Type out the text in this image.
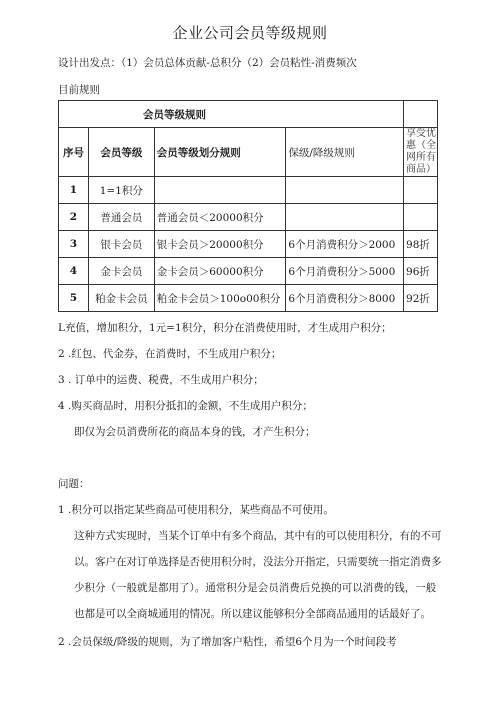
企业公司会员等级规则
设计出发点：（1）会员总体贡献-总积分（2）会员粘性-消费频次
目前规则
会员等级规则				
序号	会员等级	会员等级划分规则	保级/降级规则	享受优惠（全网所有商品）
1	1=1积分			
2	普通会员	普通会员＜20000积分		
3	银卡会员	银卡会员＞20000积分	6个月消费积分＞2000	98折
4	金卡会员	金卡会员＞60000积分	6个月消费积分＞5000	96折
5	粕金卡会员	粕金卡会员＞100o00积分	6个月消费积分＞8000	92折
L充值，增加积分，1元=1积分，积分在消费使用时，才生成用户积分；
2 .红包、代金券，在消费时，不生成用户积分；
3 . 订单中的运费、税费，不生成用户积分；
4 .购买商品时，用积分抵扣的金额，不生成用户积分；
即仅为会员消费所花的商品本身的钱，才产生积分；
问题：
1 .积分可以指定某些商品可使用积分，某些商品不可使用。
这种方式实现时，当某个订单中有多个商品，其中有的可以使用积分，有的不可
以。客户在对订单选择是否使用积分时，没法分开指定，只需要统一指定消费多
少积分（一般就是都用了）。通常积分是会员消费后兑换的可以消费的钱，一般
也都是可以全商城通用的情况。所以建议能够积分全部商品通用的话最好了。
2 .会员保级/降级的规则，为了增加客户粘性，希望6个月为一个时间段考
